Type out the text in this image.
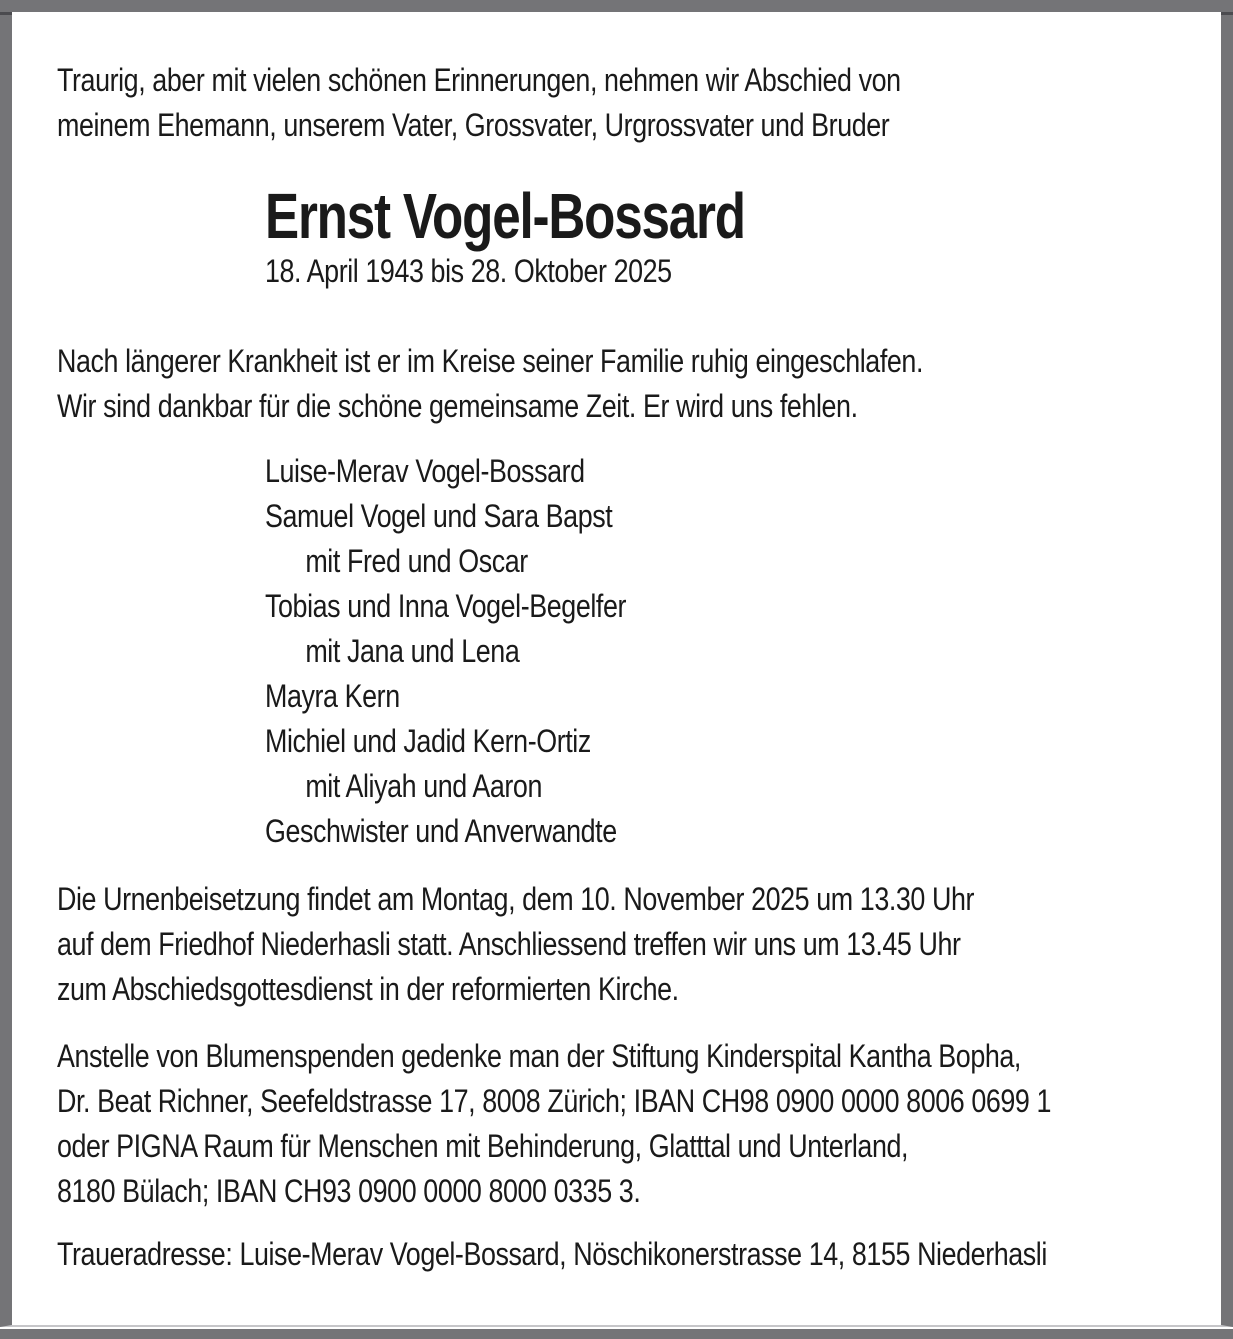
Traurig, aber mit vielen schönen Erinnerungen, nehmen wir Abschied von
meinem Ehemann, unserem Vater, Grossvater, Urgrossvater und Bruder
Ernst Vogel-Bossard
18. April 1943 bis 28. Oktober 2025
Nach längerer Krankheit ist er im Kreise seiner Familie ruhig eingeschlafen.
Wir sind dankbar für die schöne gemeinsame Zeit. Er wird uns fehlen.
Luise-Merav Vogel-Bossard
Samuel Vogel und Sara Bapst
mit Fred und Oscar
Tobias und Inna Vogel-Begelfer
mit Jana und Lena
Mayra Kern
Michiel und Jadid Kern-Ortiz
mit Aliyah und Aaron
Geschwister und Anverwandte
Die Urnenbeisetzung findet am Montag, dem 10. November 2025 um 13.30 Uhr
auf dem Friedhof Niederhasli statt. Anschliessend treffen wir uns um 13.45 Uhr
zum Abschiedsgottesdienst in der reformierten Kirche.
Anstelle von Blumenspenden gedenke man der Stiftung Kinderspital Kantha Bopha,
Dr. Beat Richner, Seefeldstrasse 17, 8008 Zürich; IBAN CH98 0900 0000 8006 0699 1
oder PIGNA Raum für Menschen mit Behinderung, Glatttal und Unterland,
8180 Bülach; IBAN CH93 0900 0000 8000 0335 3.
Traueradresse: Luise-Merav Vogel-Bossard, Nöschikonerstrasse 14, 8155 Niederhasli
